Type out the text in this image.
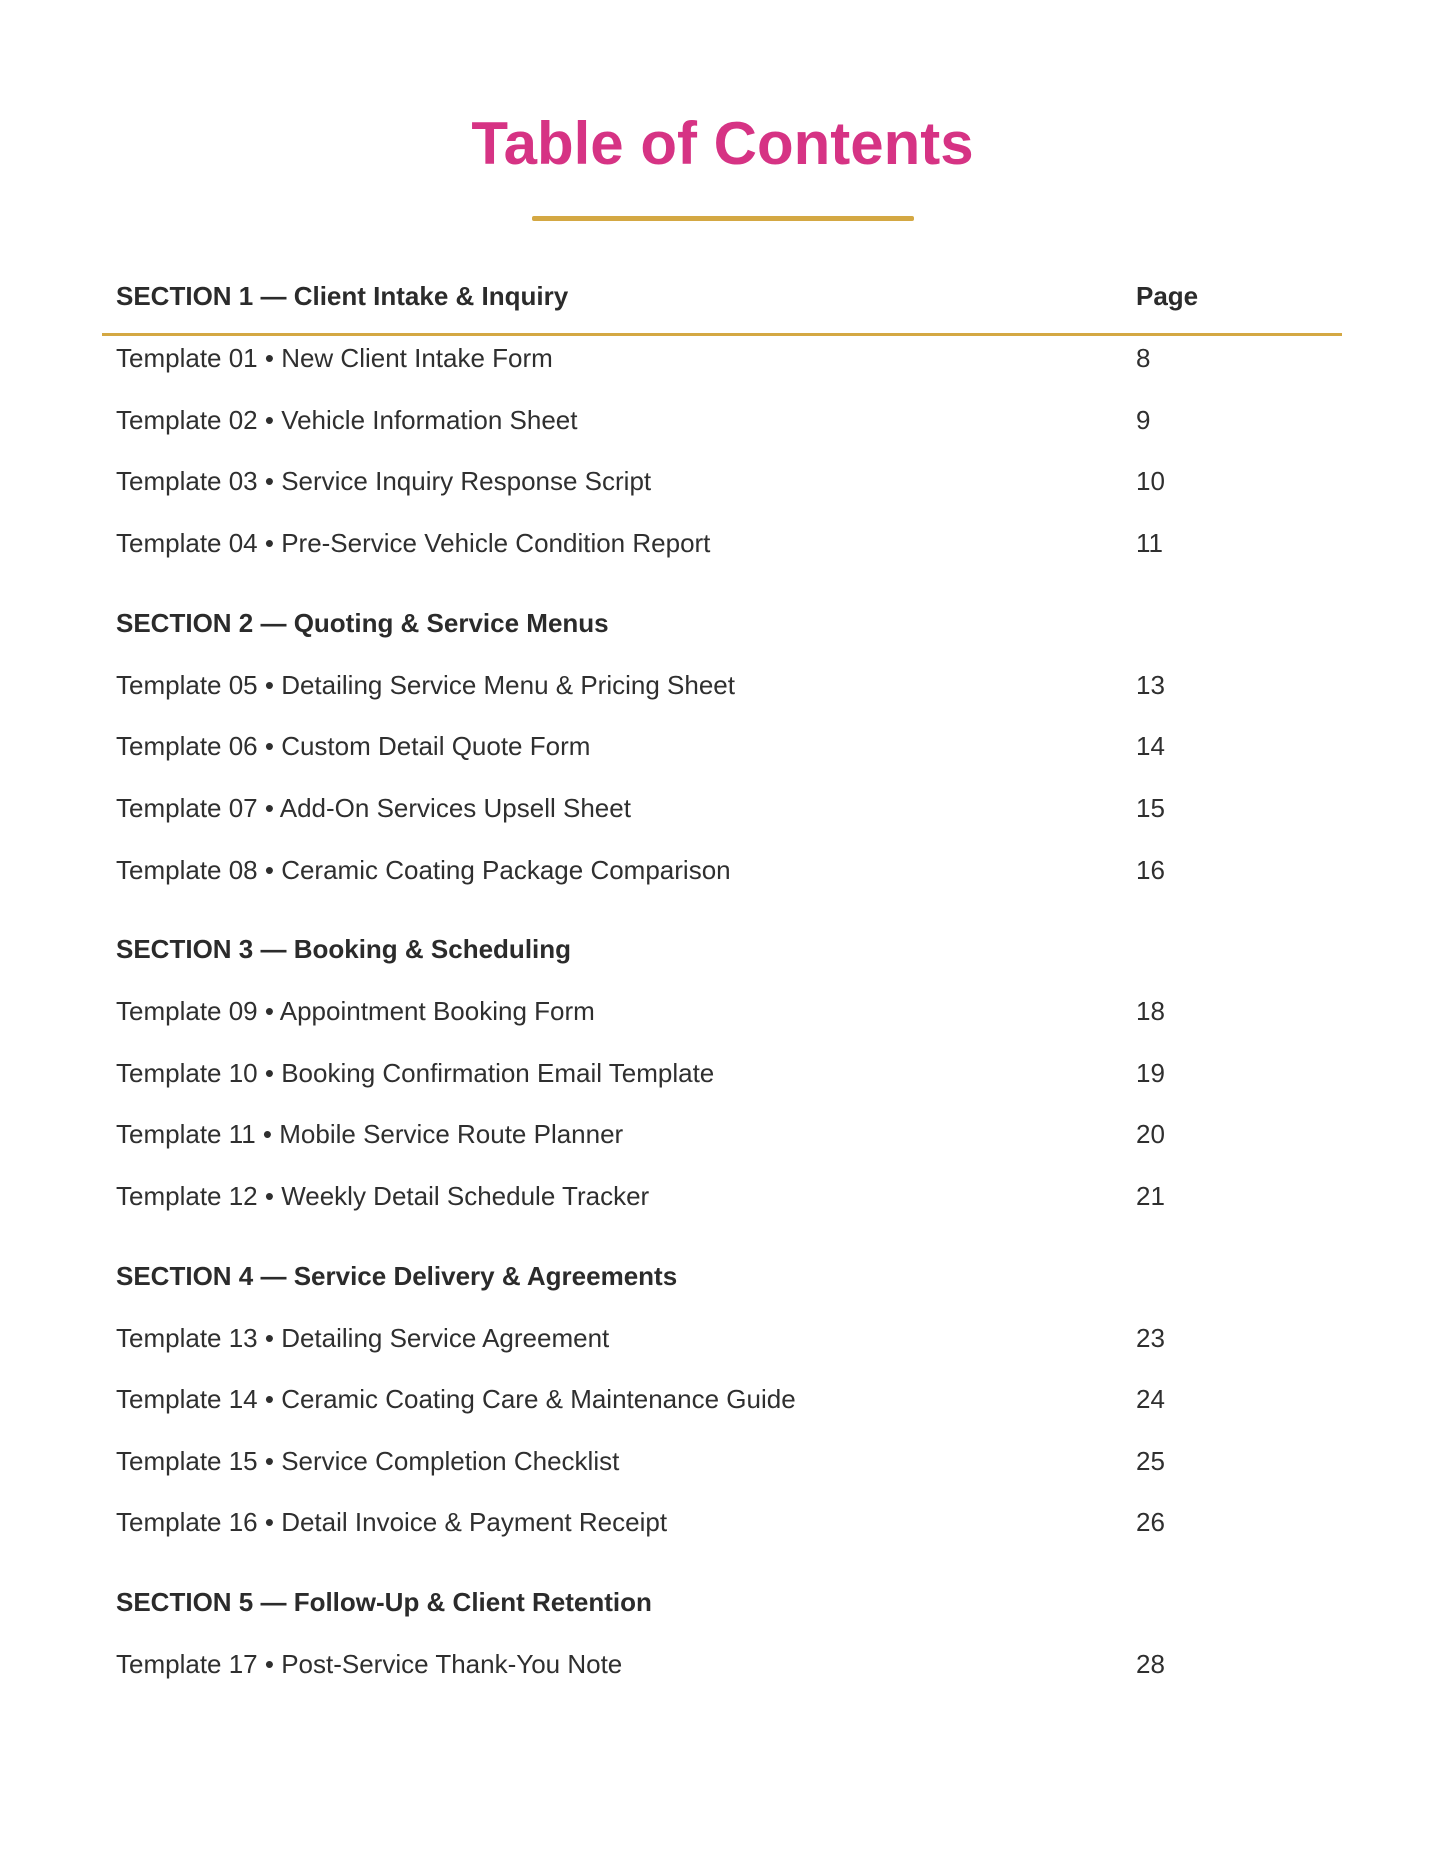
Table of Contents
SECTION 1 — Client Intake & Inquiry	Page
Template 01 • New Client Intake Form	8
Template 02 • Vehicle Information Sheet	9
Template 03 • Service Inquiry Response Script	10
Template 04 • Pre-Service Vehicle Condition Report	11
SECTION 2 — Quoting & Service Menus
Template 05 • Detailing Service Menu & Pricing Sheet	13
Template 06 • Custom Detail Quote Form	14
Template 07 • Add-On Services Upsell Sheet	15
Template 08 • Ceramic Coating Package Comparison	16
SECTION 3 — Booking & Scheduling
Template 09 • Appointment Booking Form	18
Template 10 • Booking Confirmation Email Template	19
Template 11 • Mobile Service Route Planner	20
Template 12 • Weekly Detail Schedule Tracker	21
SECTION 4 — Service Delivery & Agreements
Template 13 • Detailing Service Agreement	23
Template 14 • Ceramic Coating Care & Maintenance Guide	24
Template 15 • Service Completion Checklist	25
Template 16 • Detail Invoice & Payment Receipt	26
SECTION 5 — Follow-Up & Client Retention
Template 17 • Post-Service Thank-You Note	28
